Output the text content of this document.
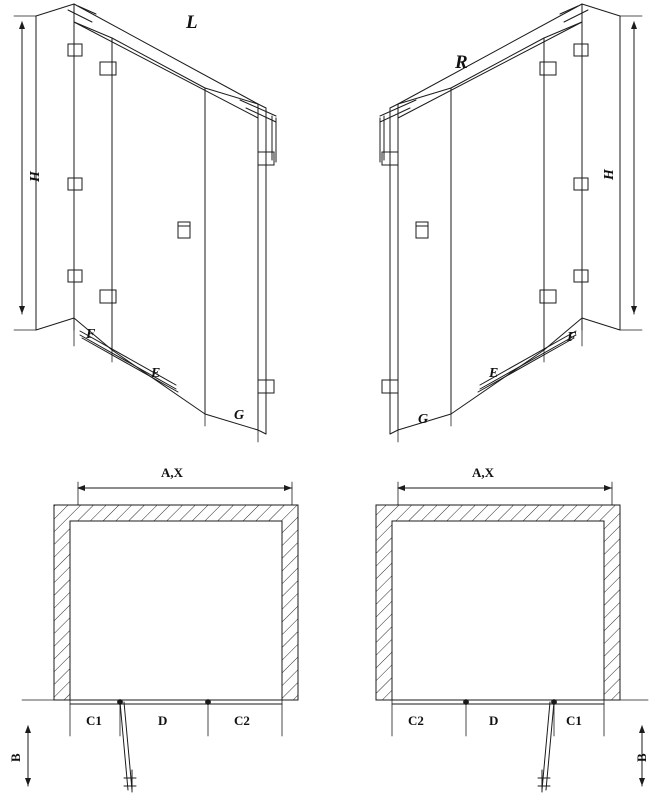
L
R
H	H
F
E
G	G
E
F
A,X	A,X
B	B
C1	D	C2	C2	D	C1
